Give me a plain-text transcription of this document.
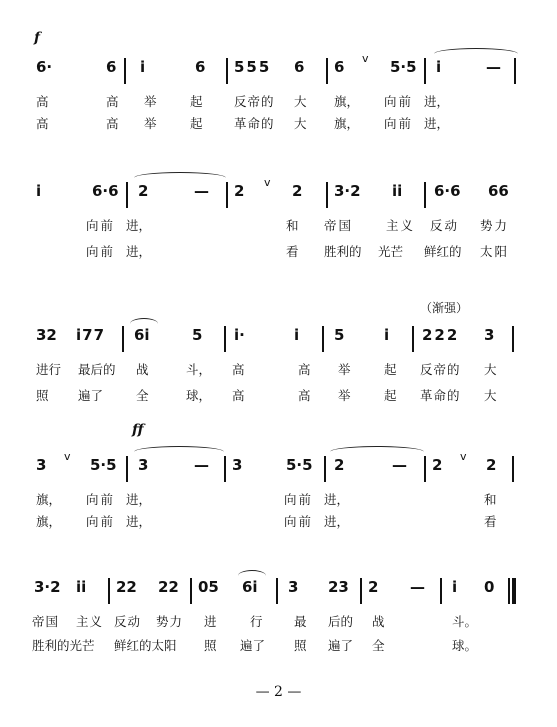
f
6·	6 i	6 555 6 6 v 5·5 i	—
高	高 举	起	反帝的 大 旗， 向前 进，
高	高 举	起	革命的 大 旗， 向前 进，
i	6·6 2	— 2 v 2 3·2 ii 6·6 66
向前 进，	和 帝国	主义 反动 势力
向前 进，	看 胜利的 光芒 鲜红的 太阳
（渐强）
32 i77 6i	5 i·	i 5	i 222 3
进行 最后的 战	斗， 高	高 举	起 反帝的 大
照 遍了	全	球， 高	高 举	起 革命的 大
ff
3 v 5·5 3	— 3	5·5 2	— 2 v 2
旗， 向前 进，	向前 进，	和
旗， 向前 进，	向前 进，	看
3·2 ii 22 22 05 6i 3 23 2 — i 0
帝国 主义 反动 势力 进	行	最 后的 战	斗。
胜利的光芒 鲜红的太阳 照 遍了 照 遍了 全	球。
— 2 —
